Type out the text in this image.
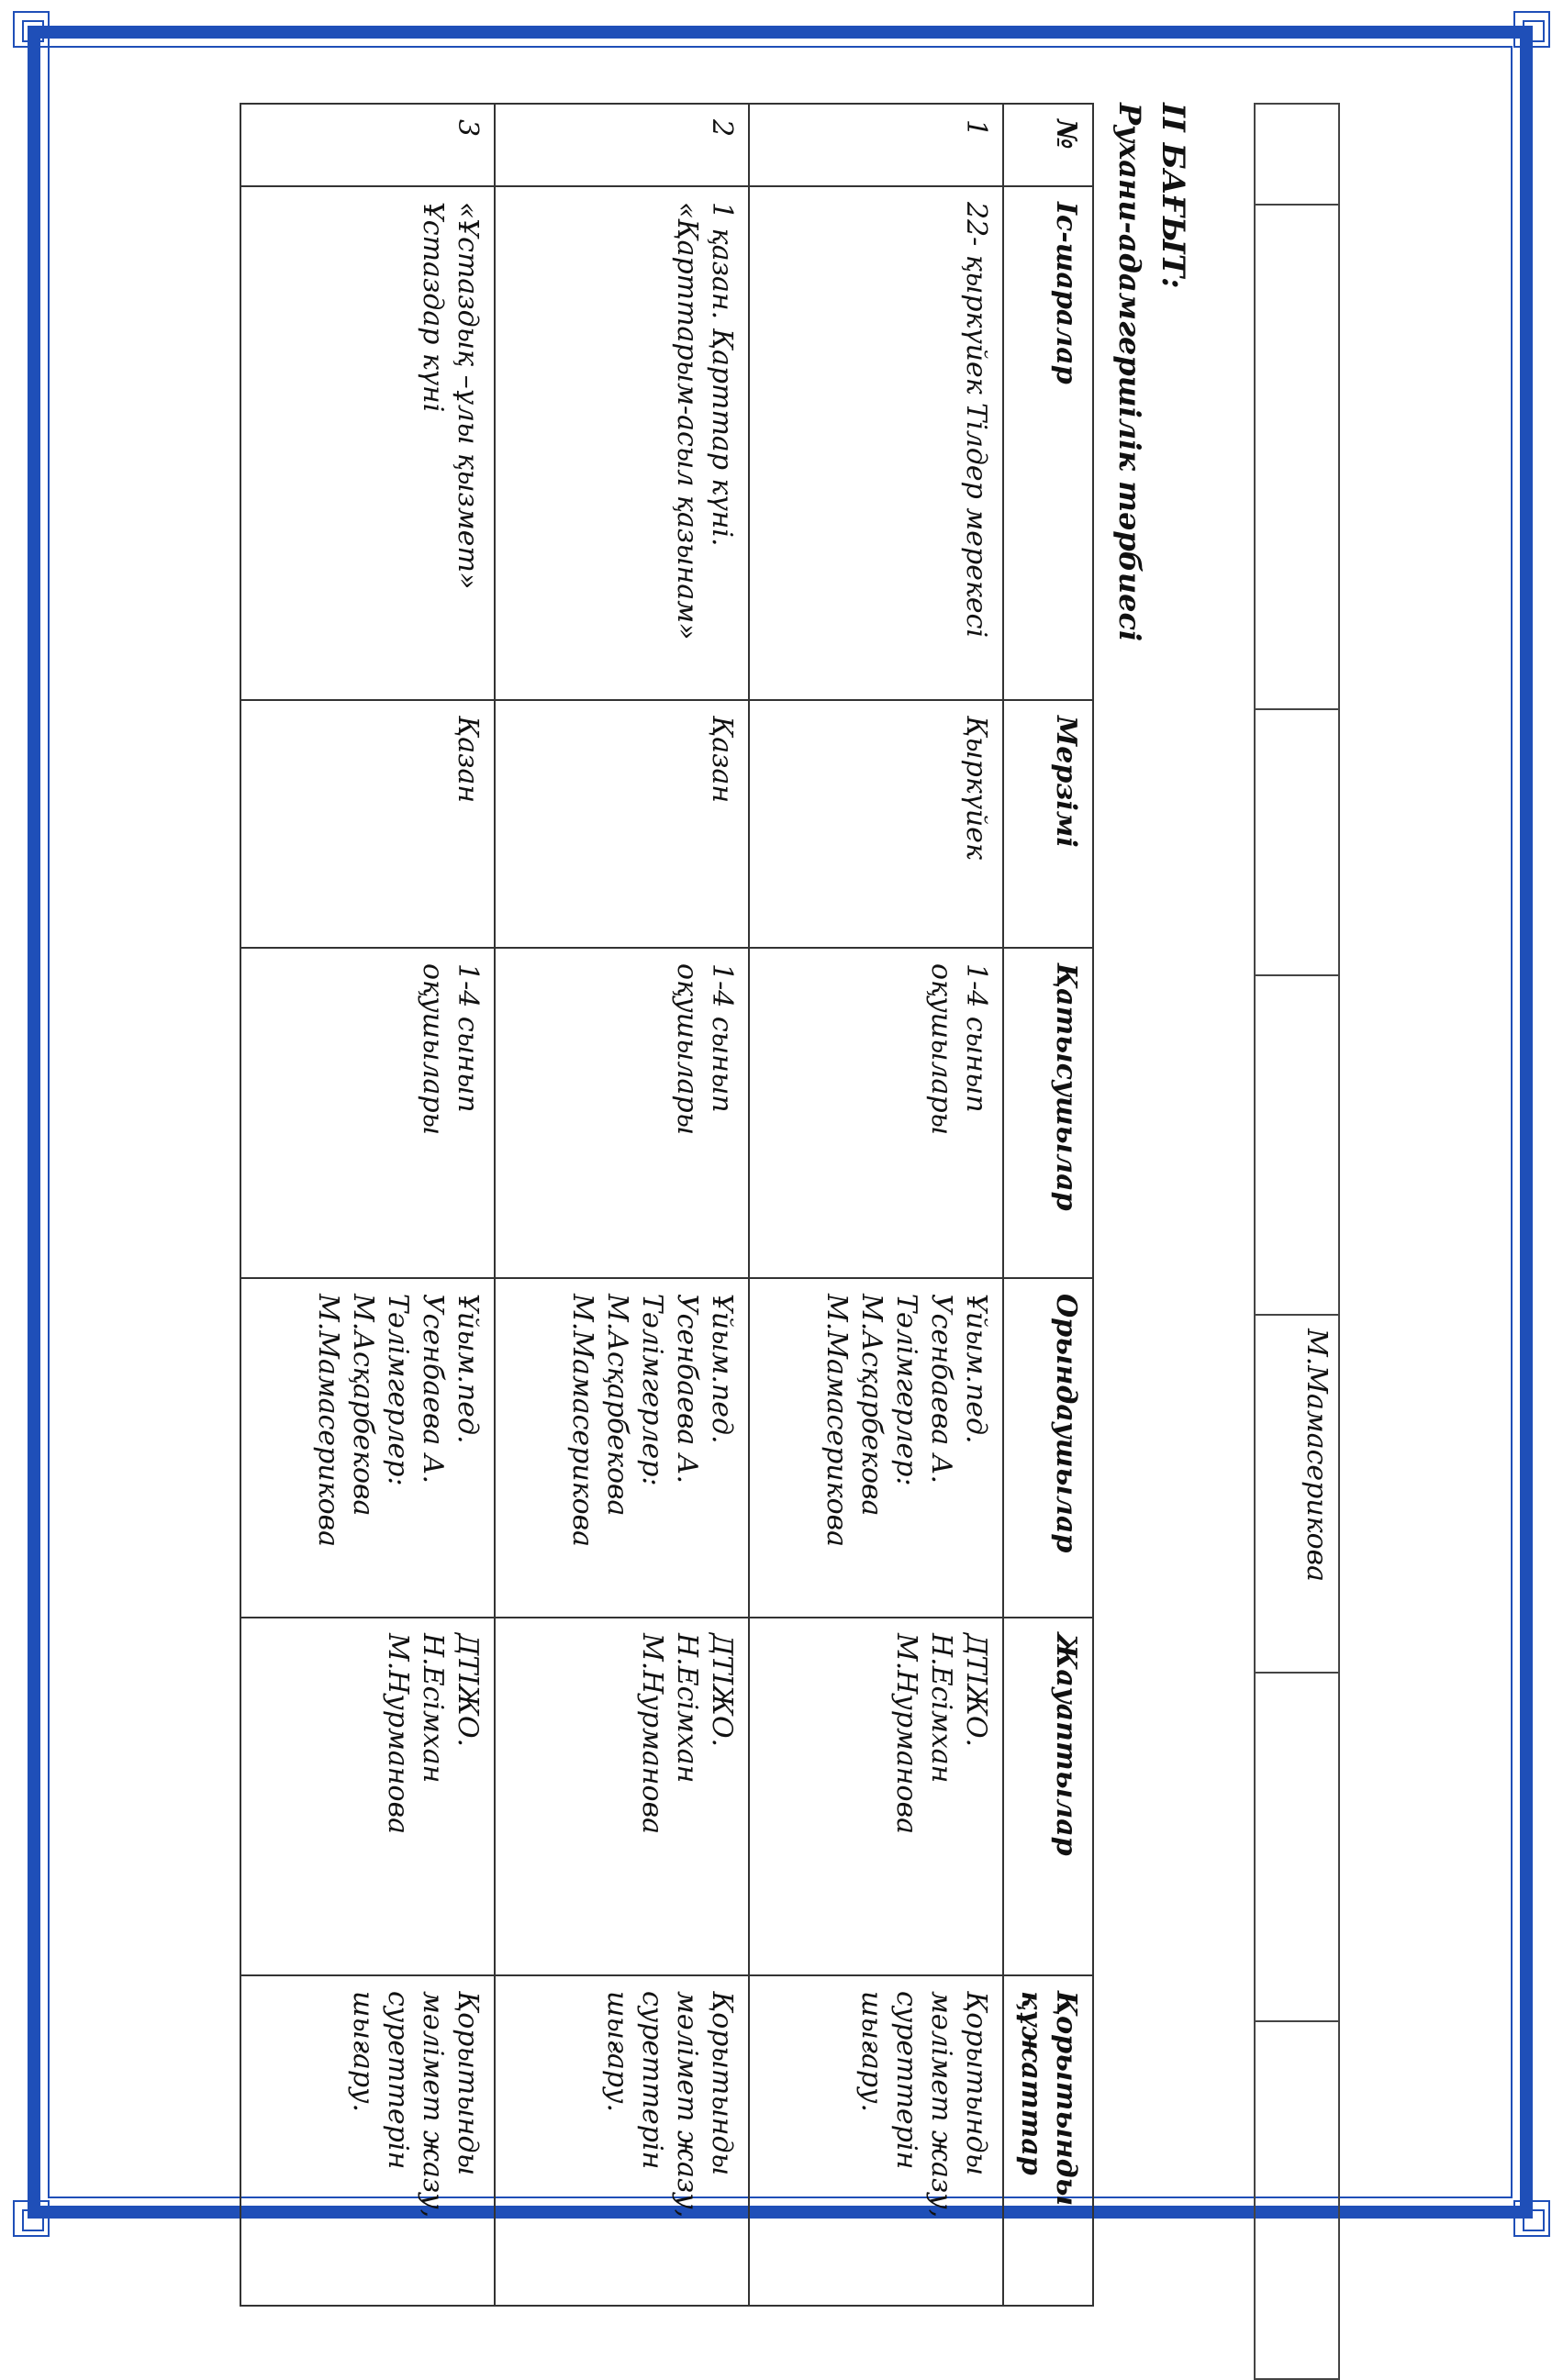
				М.Мамасерикова		
II БАҒЫТ:
Рухани-адамгершілік тәрбиесі
№	Іс-шаралар	Мерзімі	Қатысушылар	Орындаушылар	Жауаптылар	Қорытынды құжаттар
1	22- қыркүйек Тілдер мерекесі	Қыркүйек	1-4 сынып оқушылары	Ұйым.пед.
Усенбаева А.
Тәлімгерлер:
М.Асқарбекова
М.Мамасерикова	ДТІЖО.
Н.Есімхан
М.Нурманова	Қорытынды мәлімет жазу, суреттерін шығару.
2	1 қазан. Қарттар күні. «Қарттарым-асыл қазынам»	Қазан	1-4 сынып оқушылары	Ұйым.пед.
Усенбаева А.
Тәлімгерлер:
М.Асқарбекова
М.Мамасерикова	ДТІЖО.
Н.Есімхан
М.Нурманова	Қорытынды мәлімет жазу, суреттерін шығару.
3	«Ұстаздық –ұлы қызмет» Ұстаздар күні	Қазан	1-4 сынып оқушылары	Ұйым.пед.
Усенбаева А.
Тәлімгерлер:
М.Асқарбекова
М.Мамасерикова	ДТІЖО.
Н.Есімхан
М.Нурманова	Қорытынды мәлімет жазу, суреттерін шығару.
